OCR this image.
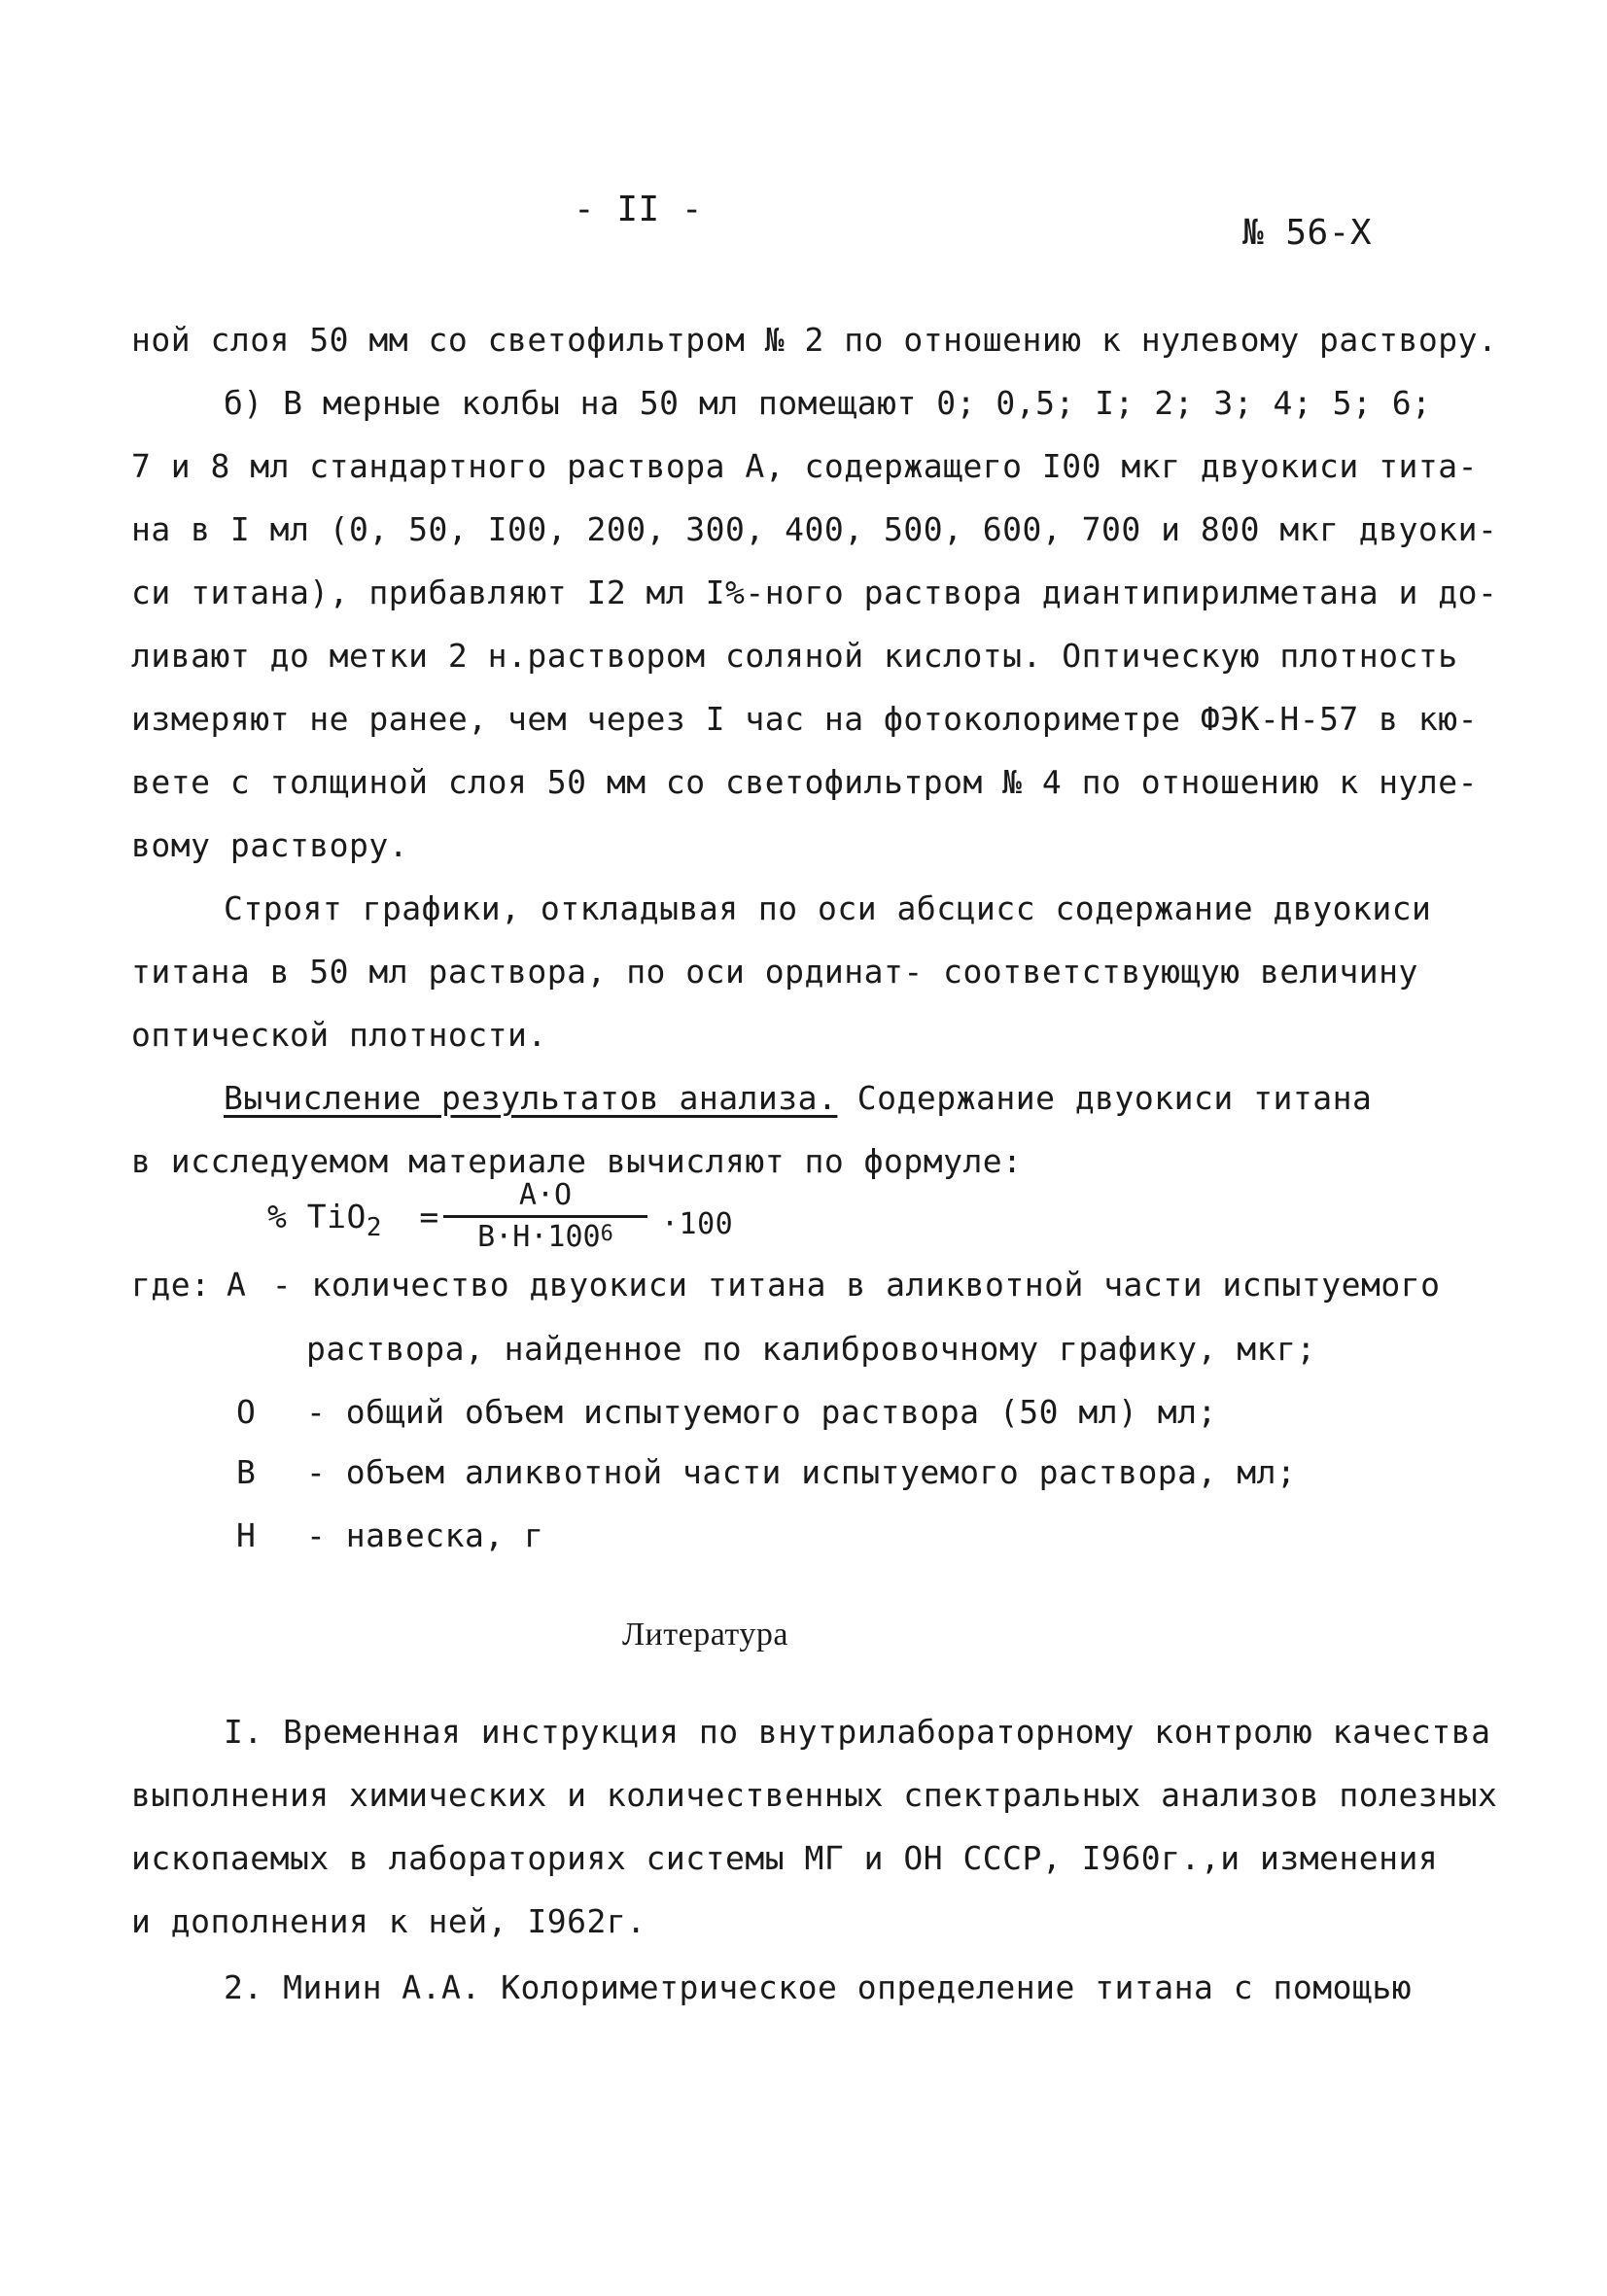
- II -
№ 56-Х
ной слоя 50 мм со светофильтром № 2 по отношению к нулевому раствору.
б) В мерные колбы на 50 мл помещают 0; 0,5; I; 2; 3; 4; 5; 6;
7 и 8 мл стандартного раствора А, содержащего I00 мкг двуокиси тита-
на в I мл (0, 50, I00, 200, 300, 400, 500, 600, 700 и 800 мкг двуоки-
си титана), прибавляют I2 мл I%-ного раствора диантипирилметана и до-
ливают до метки 2 н.раствором соляной кислоты. Оптическую плотность
измеряют не ранее, чем через I час на фотоколориметре ФЭК-Н-57 в кю-
вете с толщиной слоя 50 мм со светофильтром № 4 по отношению к нуле-
вому раствору.
Строят графики, откладывая по оси абсцисс содержание двуокиси
титана в 50 мл раствора, по оси ординат- соответствующую величину
оптической плотности.
Вычисление результатов анализа. Содержание двуокиси титана
в исследуемом материале вычисляют по формуле:
% TiO$_2$ =
А·О
$В\cdot Н\cdot 100^6$	·100
где: А - количество двуокиси титана в аликвотной части испытуемого
раствора, найденное по калибровочному графику, мкг;
О - общий объем испытуемого раствора (50 мл) мл;
В - объем аликвотной части испытуемого раствора, мл;
Н - навеска, г
Литература
I. Временная инструкция по внутрилабораторному контролю качества
выполнения химических и количественных спектральных анализов полезных
ископаемых в лабораториях системы МГ и ОН СССР, I960г.,и изменения
и дополнения к ней, I962г.
2. Минин А.А. Колориметрическое определение титана с помощью
